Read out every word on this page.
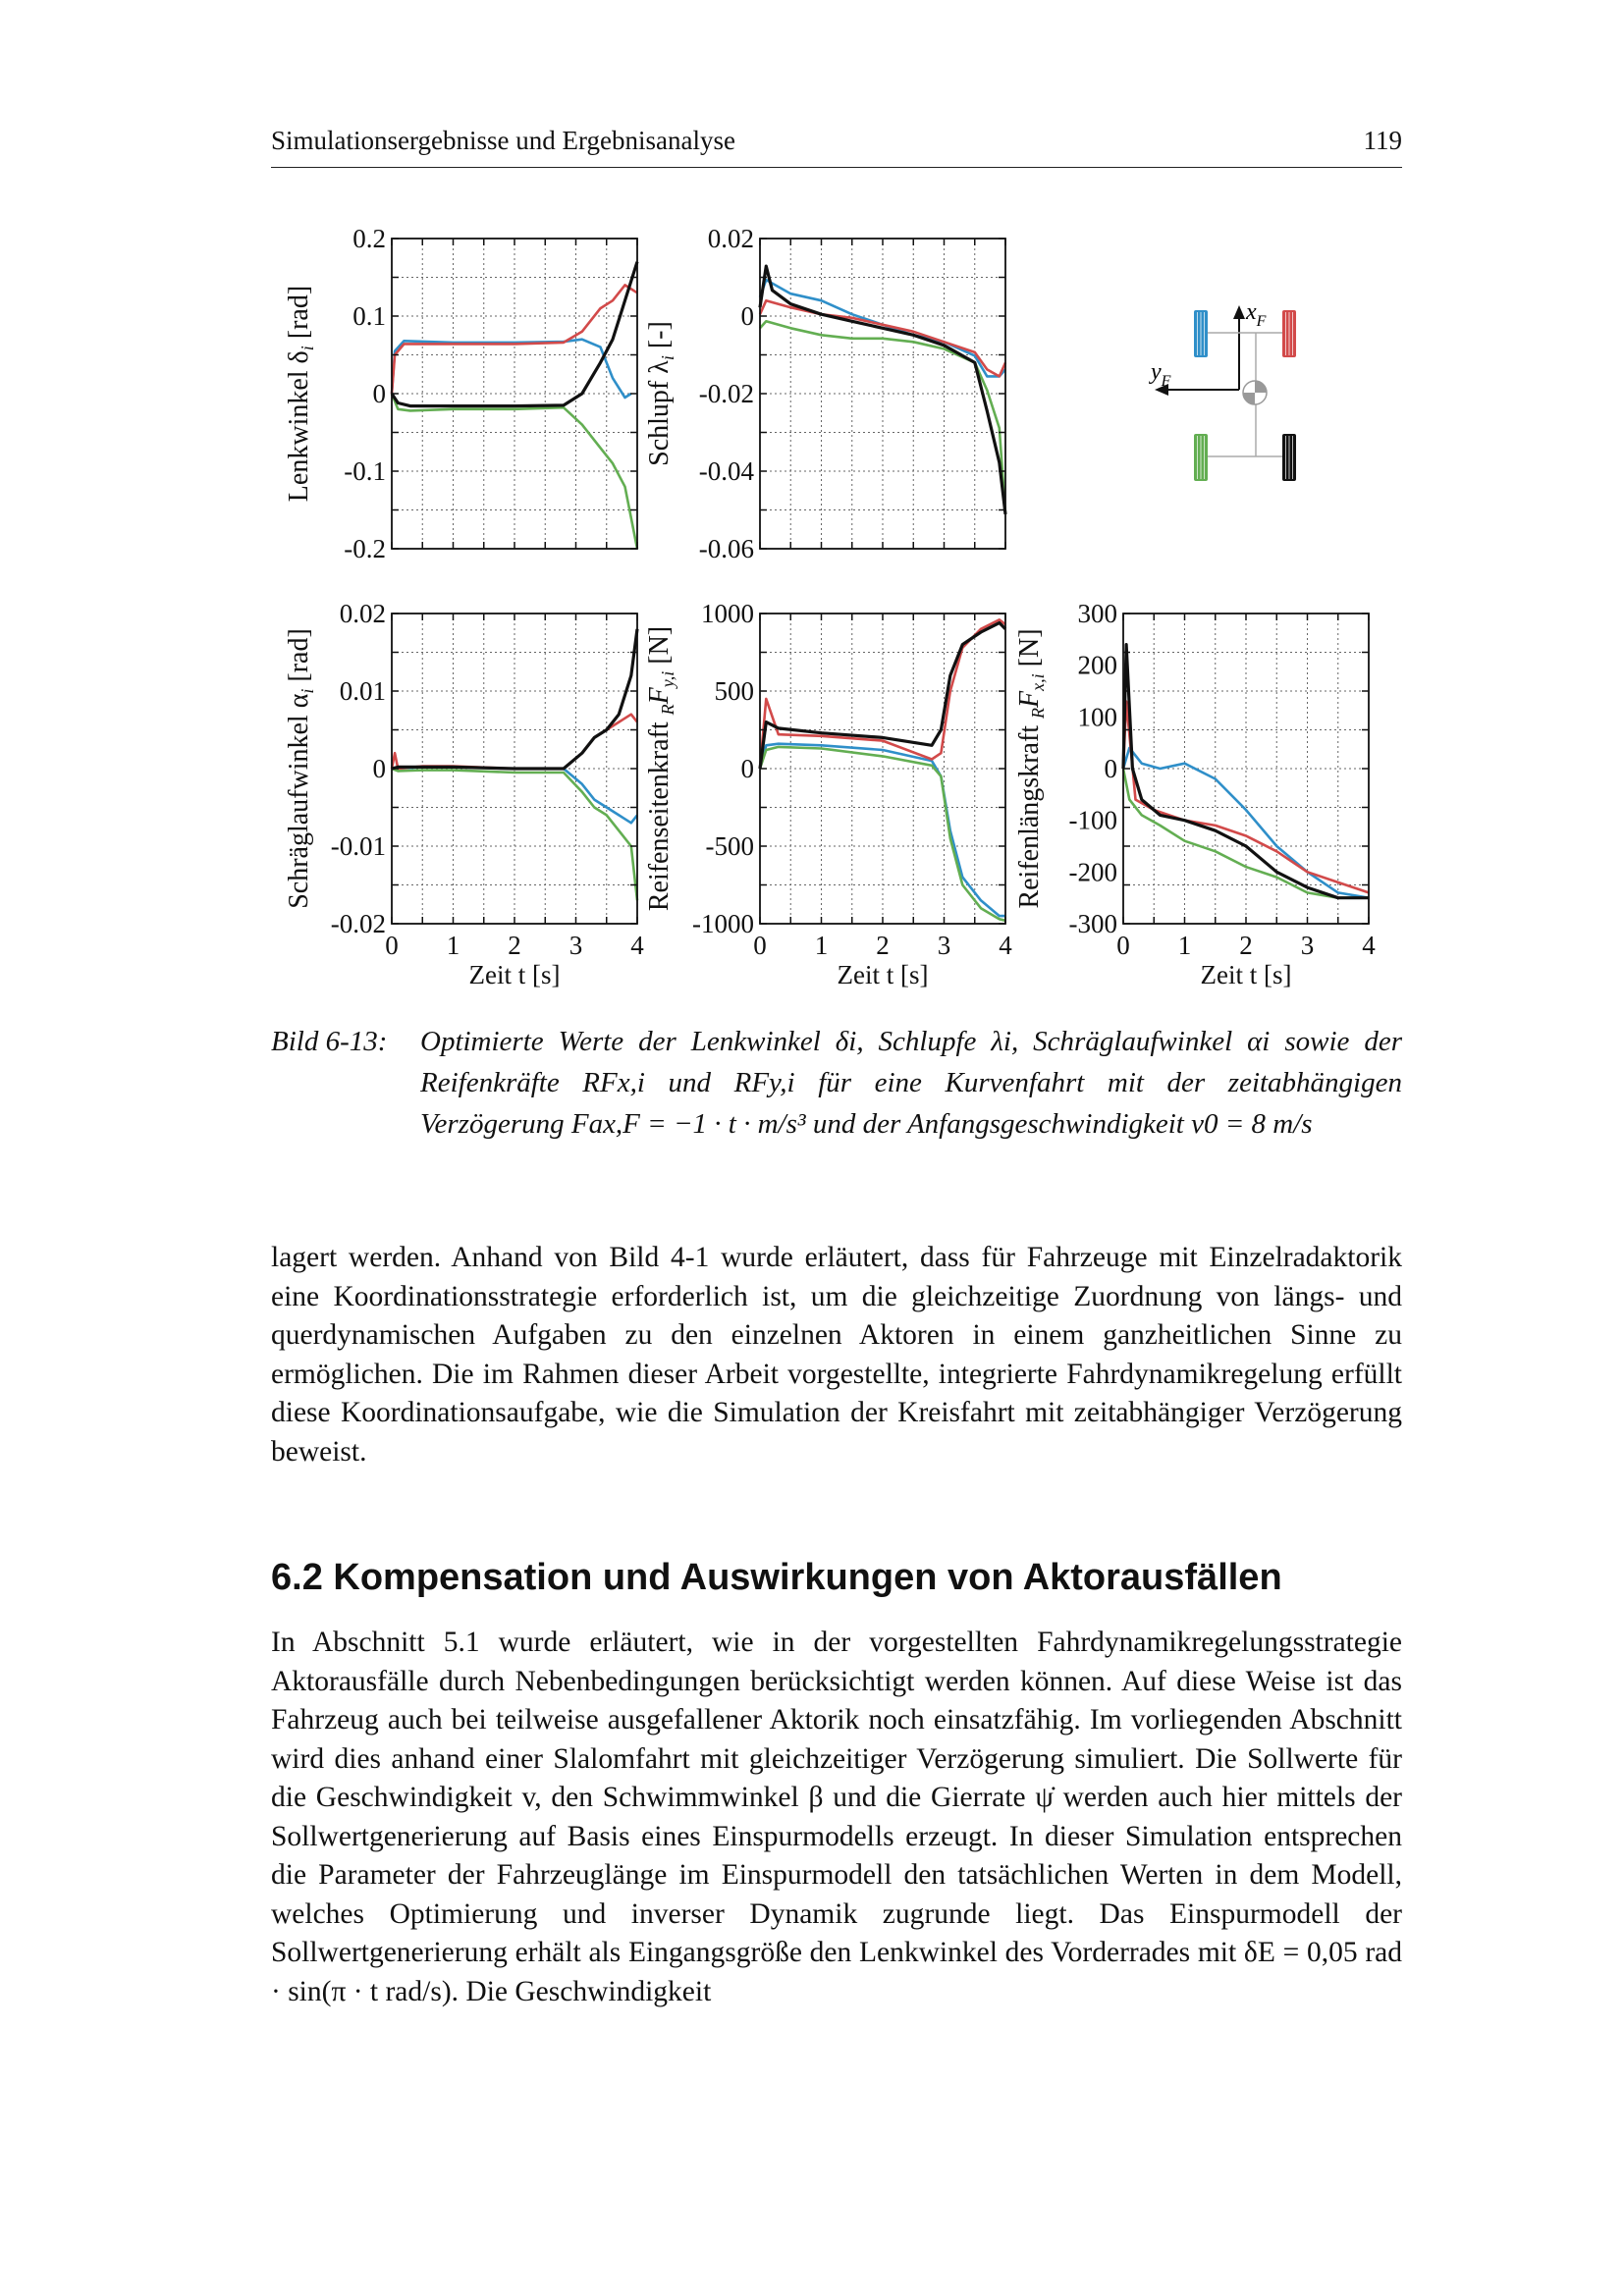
Simulationsergebnisse und Ergebnisanalyse	119
0.2
0.1
0
-0.1
-0.2
Lenkwinkel $\delta_i$ [rad]
0.02
0
-0.02
-0.04
-0.06
Schlupf $\lambda_i$ [-]
0.02
0.01
0
-0.01
-0.02
0 1 2 3 4
Zeit t [s]
Schräglaufwinkel $\alpha_i$ [rad]
1000
500
0
-500
-1000
0 1 2 3 4
Zeit t [s]
Reifenseitenkraft $_RF_{y,i}$ [N]
300
200
100
0
-100
-200
-300
0 1 2 3 4
Zeit t [s]
Reifenlängskraft $_RF_{x,i}$ [N]
$x_F$
$y_F$
Bild 6-13: Optimierte Werte der Lenkwinkel δi, Schlupfe λi, Schräglaufwinkel αi sowie der Reifenkräfte RFx,i und RFy,i für eine Kurvenfahrt mit der zeitabhängigen Verzögerung Fax,F = −1 · t · m/s³ und der Anfangsgeschwindigkeit v0 = 8 m/s
lagert werden. Anhand von Bild 4-1 wurde erläutert, dass für Fahrzeuge mit Einzelradaktorik eine Koordinationsstrategie erforderlich ist, um die gleichzeitige Zuordnung von längs- und querdynamischen Aufgaben zu den einzelnen Aktoren in einem ganzheitlichen Sinne zu ermöglichen. Die im Rahmen dieser Arbeit vorgestellte, integrierte Fahrdynamikregelung erfüllt diese Koordinationsaufgabe, wie die Simulation der Kreisfahrt mit zeitabhängiger Verzögerung beweist.
6.2 Kompensation und Auswirkungen von Aktorausfällen
In Abschnitt 5.1 wurde erläutert, wie in der vorgestellten Fahrdynamikregelungsstrategie Aktorausfälle durch Nebenbedingungen berücksichtigt werden können. Auf diese Weise ist das Fahrzeug auch bei teilweise ausgefallener Aktorik noch einsatzfähig. Im vorliegenden Abschnitt wird dies anhand einer Slalomfahrt mit gleichzeitiger Verzögerung simuliert. Die Sollwerte für die Geschwindigkeit v, den Schwimmwinkel β und die Gierrate ψ̇ werden auch hier mittels der Sollwertgenerierung auf Basis eines Einspurmodells erzeugt. In dieser Simulation entsprechen die Parameter der Fahrzeuglänge im Einspurmodell den tatsächlichen Werten in dem Modell, welches Optimierung und inverser Dynamik zugrunde liegt. Das Einspurmodell der Sollwertgenerierung erhält als Eingangsgröße den Lenkwinkel des Vorderrades mit δE = 0,05 rad · sin(π · t rad/s). Die Geschwindigkeit
